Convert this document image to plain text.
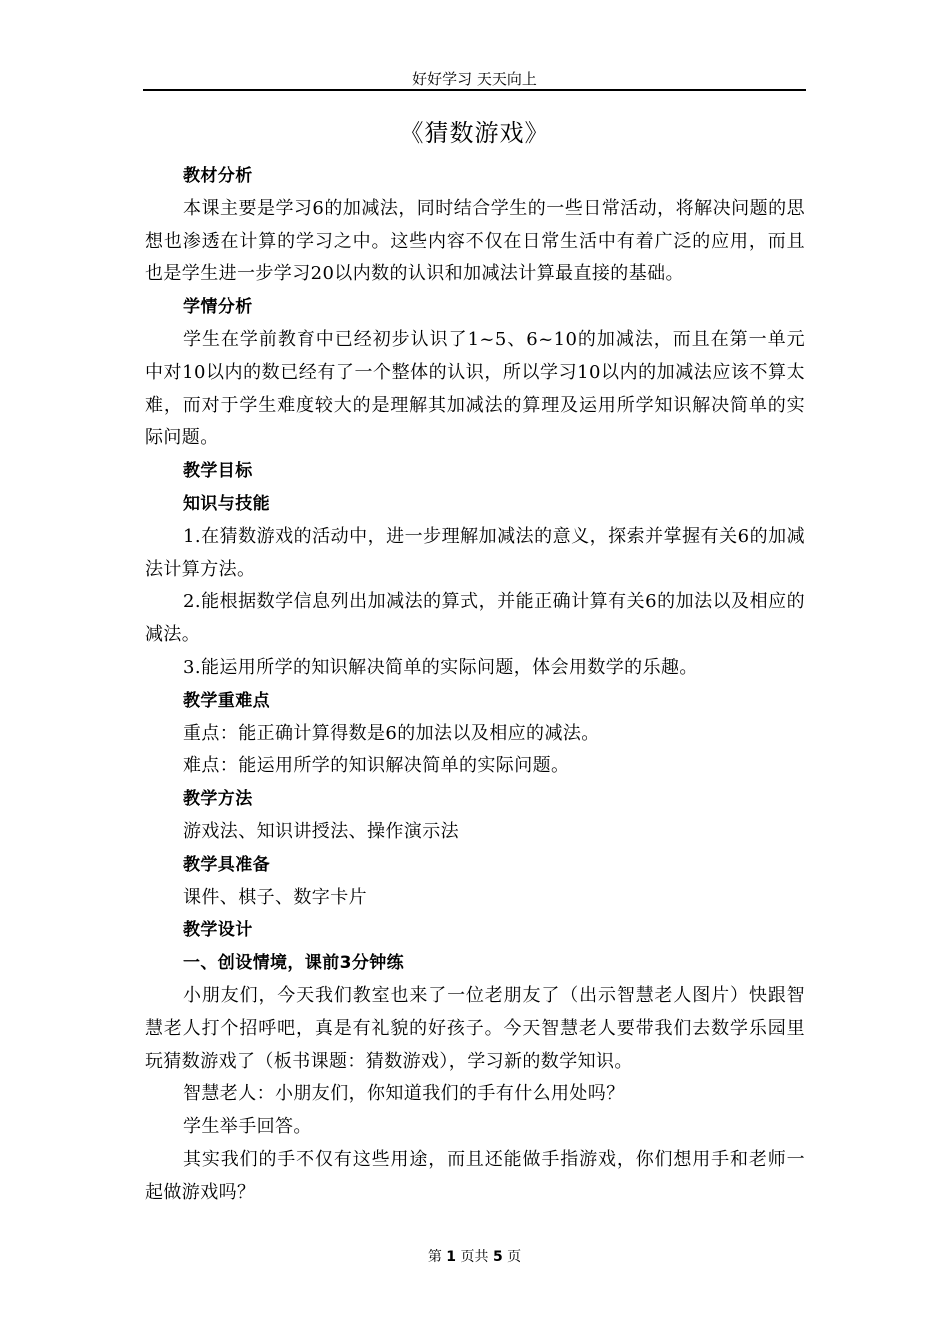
好好学习 天天向上
《猜数游戏》

教材分析

本课主要是学习6的加减法，同时结合学生的一些日常活动，将解决问题的思想也渗透在计算的学习之中。这些内容不仅在日常生活中有着广泛的应用，而且也是学生进一步学习20以内数的认识和加减法计算最直接的基础。

学情分析

学生在学前教育中已经初步认识了1~5、6~10的加减法，而且在第一单元中对10以内的数已经有了一个整体的认识，所以学习10以内的加减法应该不算太难，而对于学生难度较大的是理解其加减法的算理及运用所学知识解决简单的实际问题。

教学目标

知识与技能

1.在猜数游戏的活动中，进一步理解加减法的意义，探索并掌握有关6的加减法计算方法。

2.能根据数学信息列出加减法的算式，并能正确计算有关6的加法以及相应的减法。

3.能运用所学的知识解决简单的实际问题，体会用数学的乐趣。

教学重难点

重点：能正确计算得数是6的加法以及相应的减法。

难点：能运用所学的知识解决简单的实际问题。

教学方法

游戏法、知识讲授法、操作演示法

教学具准备

课件、棋子、数字卡片

教学设计

一、创设情境，课前3分钟练

小朋友们，今天我们教室也来了一位老朋友了（出示智慧老人图片）快跟智慧老人打个招呼吧，真是有礼貌的好孩子。今天智慧老人要带我们去数学乐园里玩猜数游戏了（板书课题：猜数游戏），学习新的数学知识。

智慧老人：小朋友们，你知道我们的手有什么用处吗？

学生举手回答。

其实我们的手不仅有这些用途，而且还能做手指游戏，你们想用手和老师一起做游戏吗？

第 1 页共 5 页
